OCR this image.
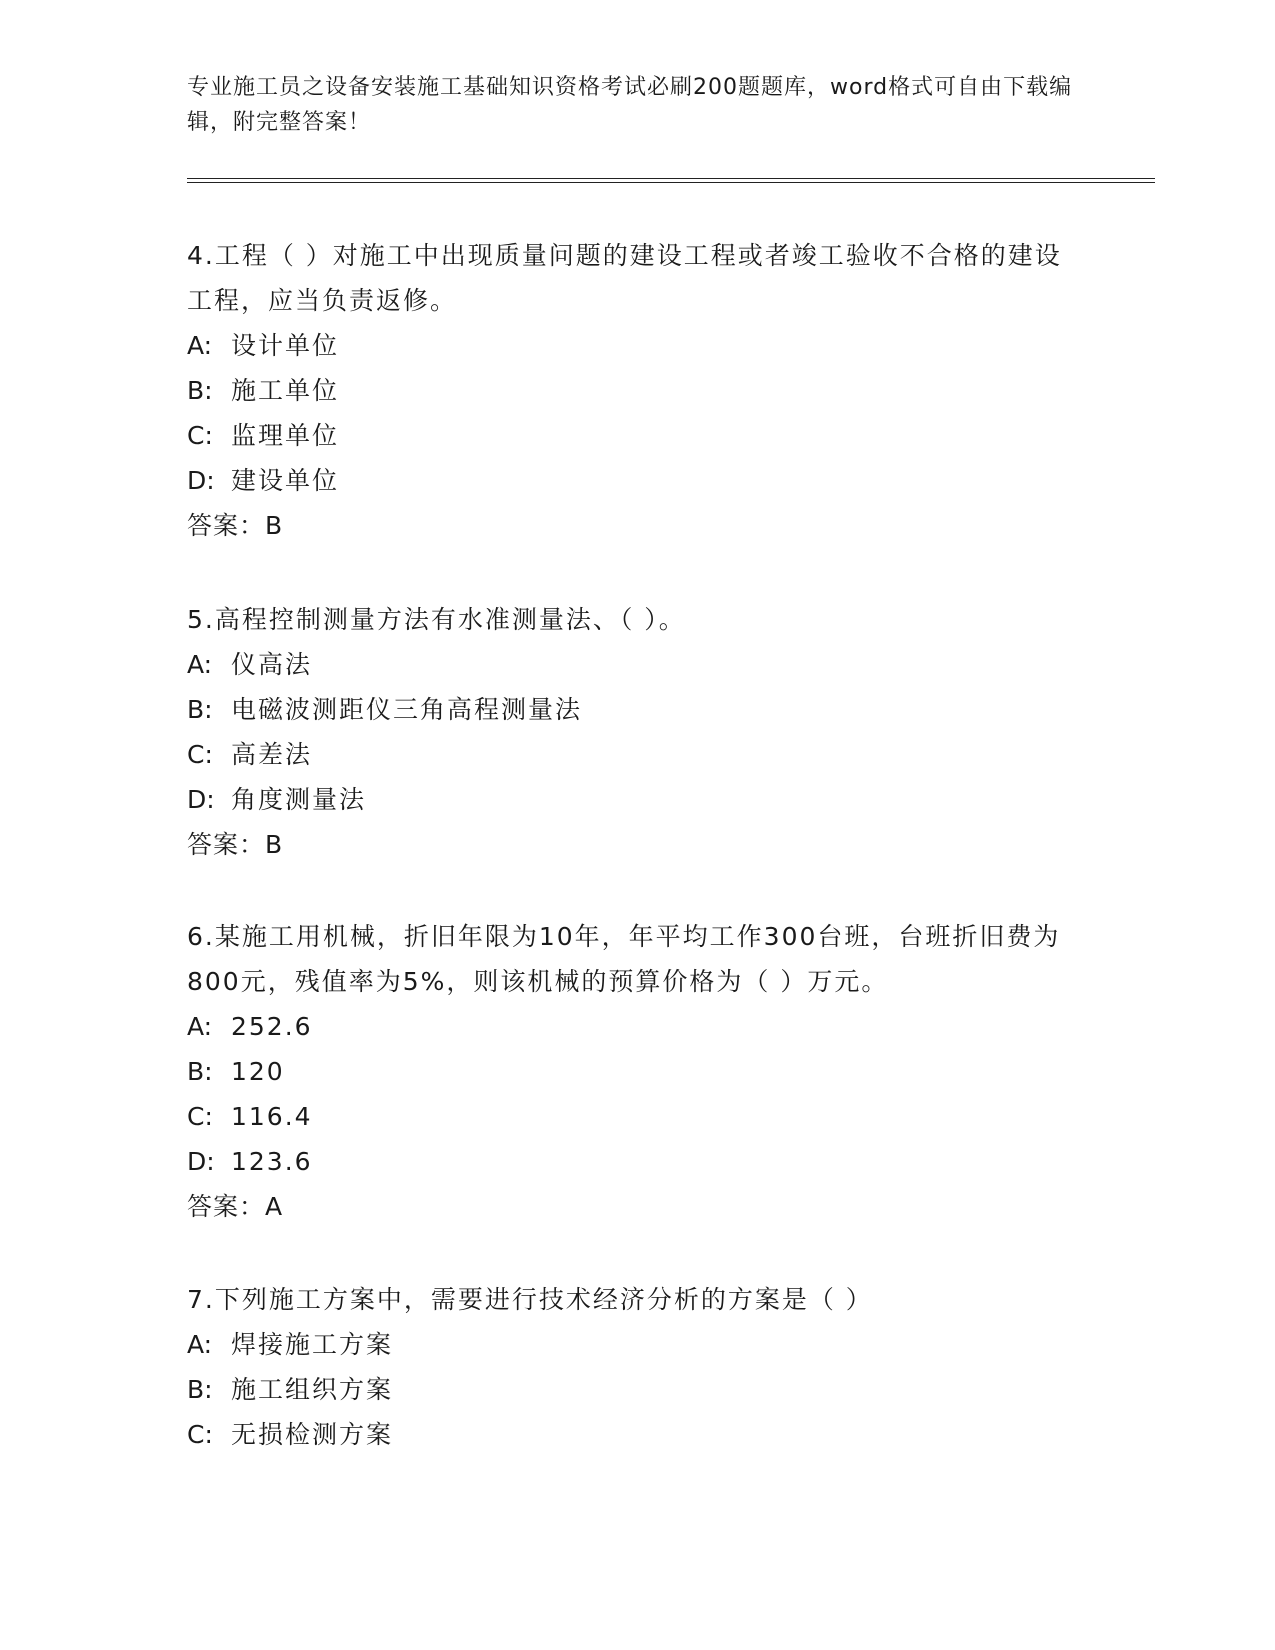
专业施工员之设备安装施工基础知识资格考试必刷200题题库，word格式可自由下载编辑，附完整答案！
4.工程（ ）对施工中出现质量问题的建设工程或者竣工验收不合格的建设工程，应当负责返修。
A: 设计单位
B: 施工单位
C: 监理单位
D: 建设单位
答案：B
5.高程控制测量方法有水准测量法、（ ）。
A: 仪高法
B: 电磁波测距仪三角高程测量法
C: 高差法
D: 角度测量法
答案：B
6.某施工用机械，折旧年限为10年，年平均工作300台班，台班折旧费为800元，残值率为5%，则该机械的预算价格为（ ）万元。
A: 252.6
B: 120
C: 116.4
D: 123.6
答案：A
7.下列施工方案中，需要进行技术经济分析的方案是（ ）
A: 焊接施工方案
B: 施工组织方案
C: 无损检测方案
